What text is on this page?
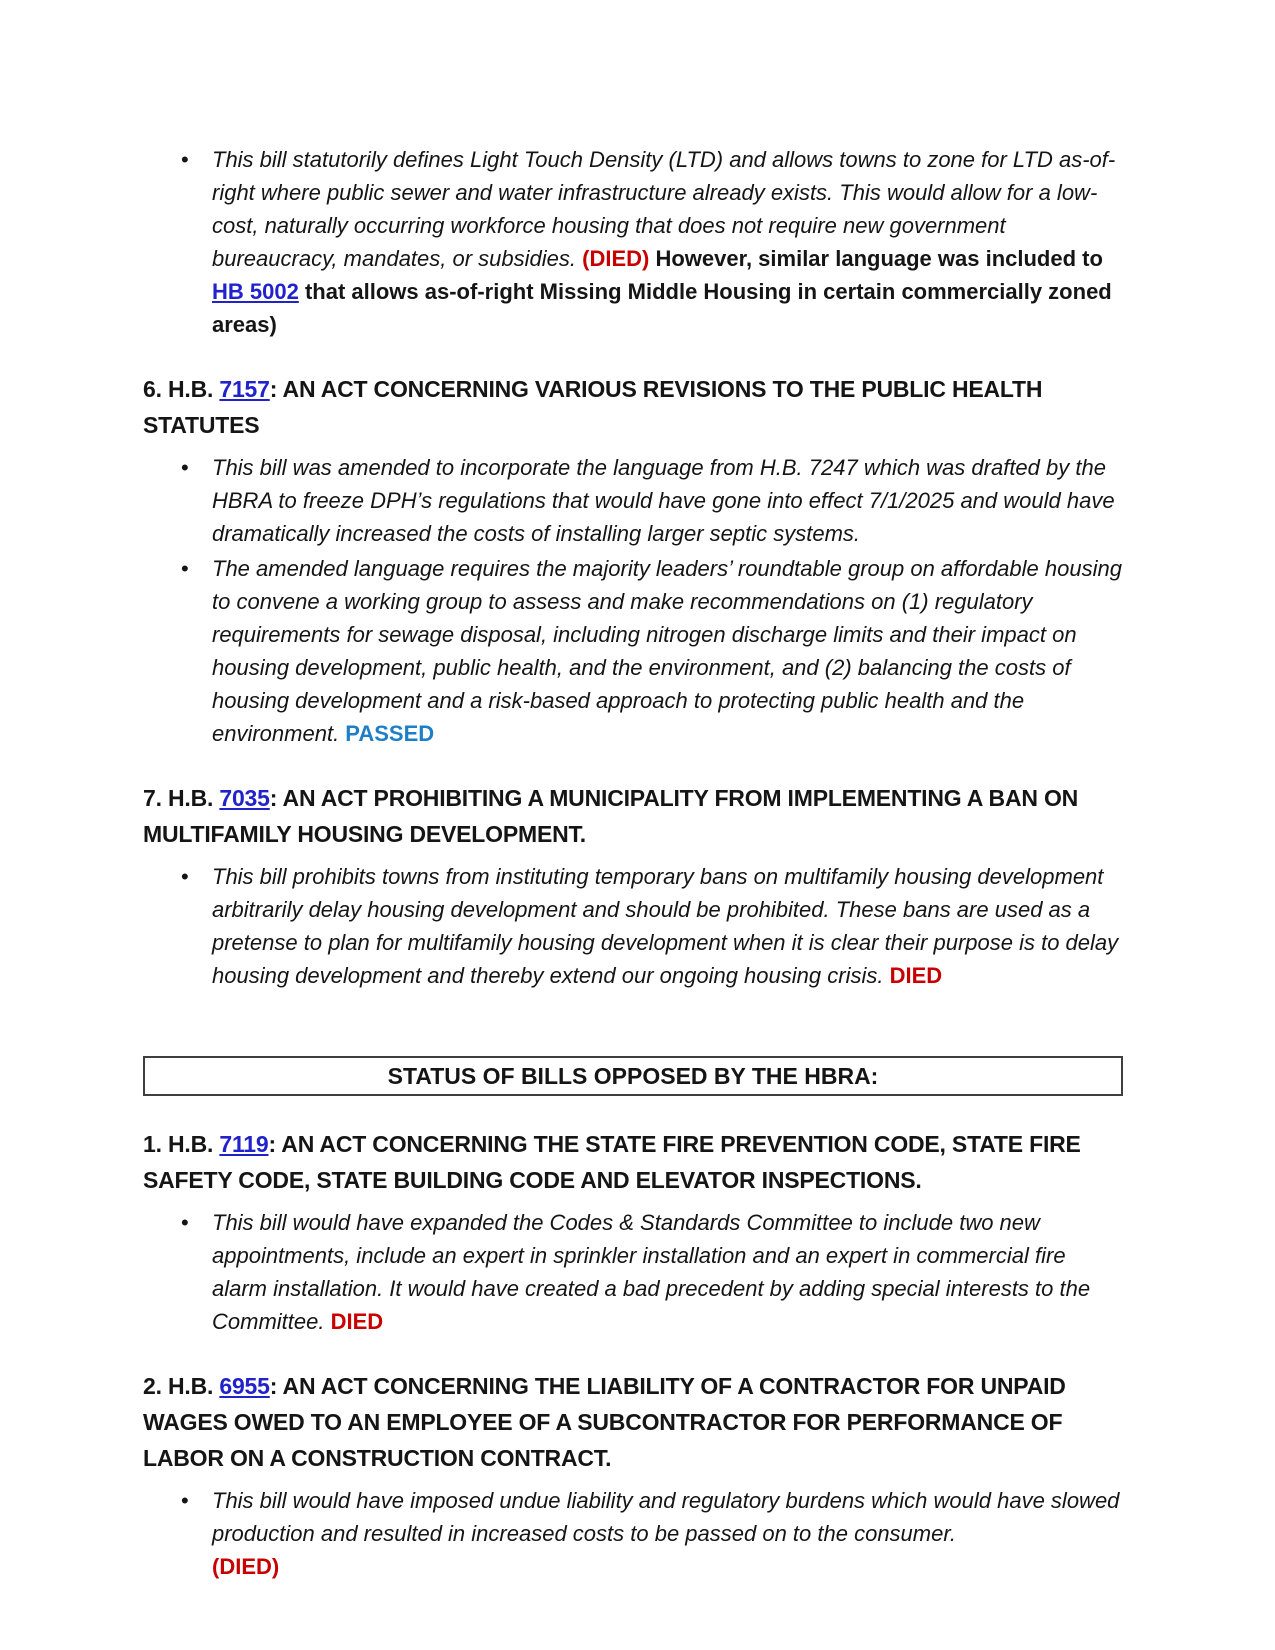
•	This bill statutorily defines Light Touch Density (LTD) and allows towns to zone for LTD as-of-right where public sewer and water infrastructure already exists. This would allow for a low-cost, naturally occurring workforce housing that does not require new government bureaucracy, mandates, or subsidies. (DIED) However, similar language was included to HB 5002 that allows as-of-right Missing Middle Housing in certain commercially zoned areas)
6. H.B. 7157: AN ACT CONCERNING VARIOUS REVISIONS TO THE PUBLIC HEALTH STATUTES
•	This bill was amended to incorporate the language from H.B. 7247 which was drafted by the HBRA to freeze DPH’s regulations that would have gone into effect 7/1/2025 and would have dramatically increased the costs of installing larger septic systems.
•	The amended language requires the majority leaders’ roundtable group on affordable housing to convene a working group to assess and make recommendations on (1) regulatory requirements for sewage disposal, including nitrogen discharge limits and their impact on housing development, public health, and the environment, and (2) balancing the costs of housing development and a risk-based approach to protecting public health and the environment. PASSED
7. H.B. 7035: AN ACT PROHIBITING A MUNICIPALITY FROM IMPLEMENTING A BAN ON MULTIFAMILY HOUSING DEVELOPMENT.
•	This bill prohibits towns from instituting temporary bans on multifamily housing development arbitrarily delay housing development and should be prohibited. These bans are used as a pretense to plan for multifamily housing development when it is clear their purpose is to delay housing development and thereby extend our ongoing housing crisis. DIED
STATUS OF BILLS OPPOSED BY THE HBRA:
1. H.B. 7119: AN ACT CONCERNING THE STATE FIRE PREVENTION CODE, STATE FIRE SAFETY CODE, STATE BUILDING CODE AND ELEVATOR INSPECTIONS.
•	This bill would have expanded the Codes & Standards Committee to include two new appointments, include an expert in sprinkler installation and an expert in commercial fire alarm installation. It would have created a bad precedent by adding special interests to the Committee. DIED
2. H.B. 6955: AN ACT CONCERNING THE LIABILITY OF A CONTRACTOR FOR UNPAID WAGES OWED TO AN EMPLOYEE OF A SUBCONTRACTOR FOR PERFORMANCE OF LABOR ON A CONSTRUCTION CONTRACT.
•	This bill would have imposed undue liability and regulatory burdens which would have slowed production and resulted in increased costs to be passed on to the consumer.
(DIED)
